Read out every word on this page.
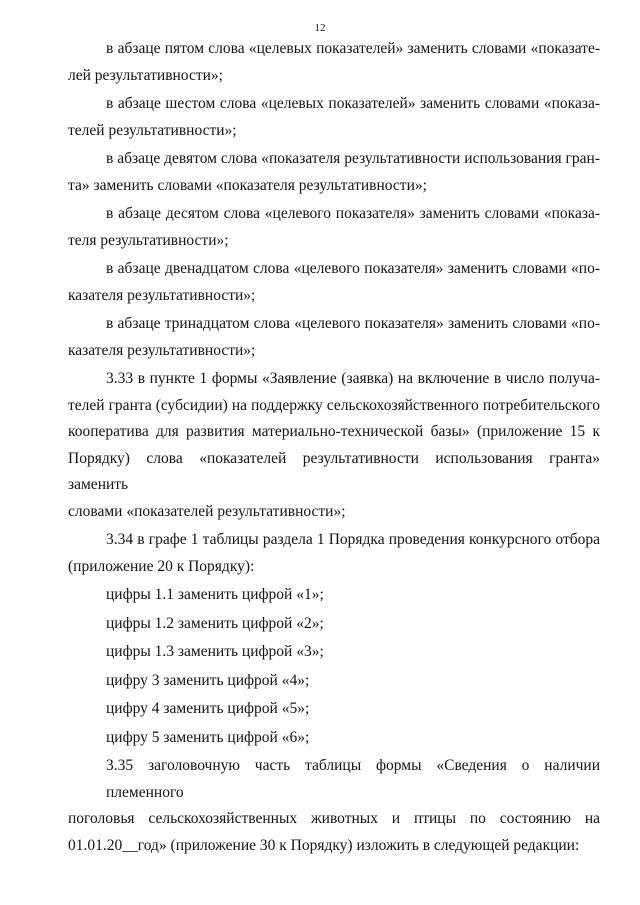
12

в абзаце пятом слова «целевых показателей» заменить словами «показате-
лей результативности»;

в абзаце шестом слова «целевых показателей» заменить словами «показа-
телей результативности»;

в абзаце девятом слова «показателя результативности использования гран-
та» заменить словами «показателя результативности»;

в абзаце десятом слова «целевого показателя» заменить словами «показа-
теля результативности»;

в абзаце двенадцатом слова «целевого показателя» заменить словами «по-
казателя результативности»;

в абзаце тринадцатом слова «целевого показателя» заменить словами «по-
казателя результативности»;

3.33 в пункте 1 формы «Заявление (заявка) на включение в число получа-
телей гранта (субсидии) на поддержку сельскохозяйственного потребительского
кооператива для развития материально-технической базы» (приложение 15 к
Порядку) слова «показателей результативности использования гранта» заменить
словами «показателей результативности»;

3.34 в графе 1 таблицы раздела 1 Порядка проведения конкурсного отбора
(приложение 20 к Порядку):

цифры 1.1 заменить цифрой «1»;

цифры 1.2 заменить цифрой «2»;

цифры 1.3 заменить цифрой «3»;

цифру 3 заменить цифрой «4»;

цифру 4 заменить цифрой «5»;

цифру 5 заменить цифрой «6»;

3.35 заголовочную часть таблицы формы «Сведения о наличии племенного
поголовья сельскохозяйственных животных и птицы по состоянию на
01.01.20__год» (приложение 30 к Порядку) изложить в следующей редакции:
